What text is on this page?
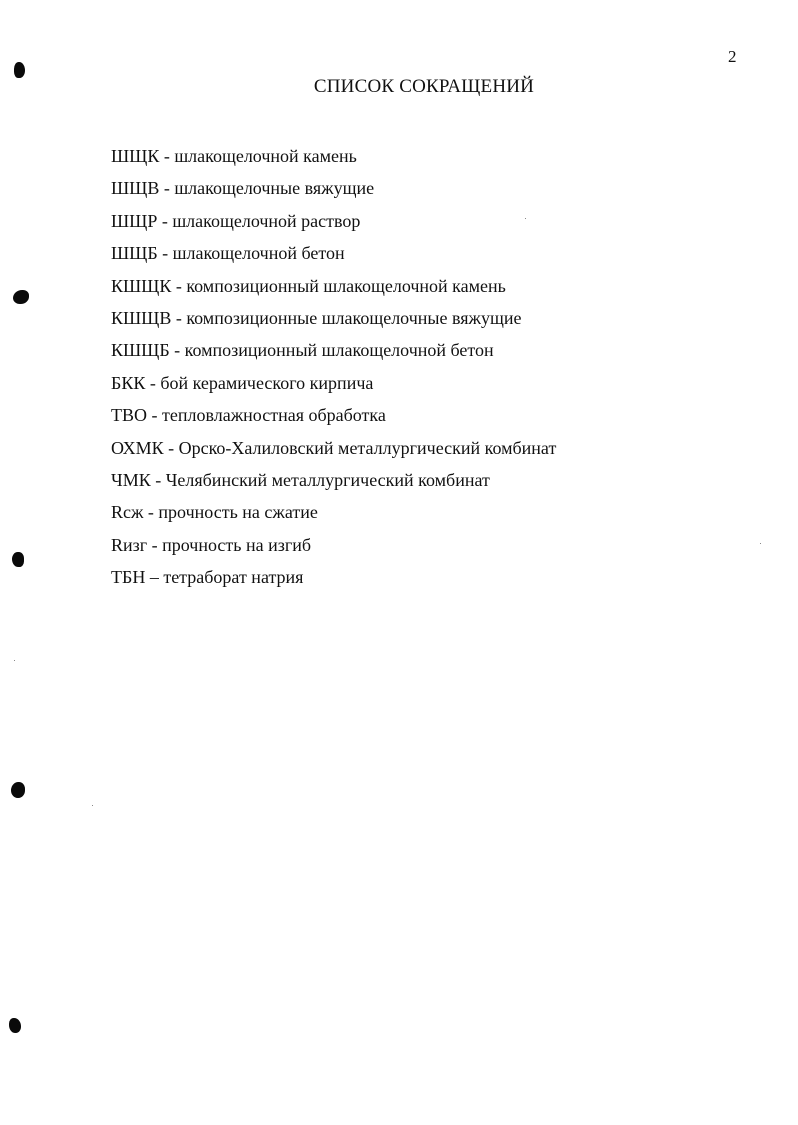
2
СПИСОК СОКРАЩЕНИЙ
ШЩК - шлакощелочной камень
ШЩВ - шлакощелочные вяжущие
ШЩР - шлакощелочной раствор
ШЩБ - шлакощелочной бетон
КШЩК - композиционный шлакощелочной камень
КШЩВ - композиционные шлакощелочные вяжущие
КШЩБ - композиционный шлакощелочной бетон
БКК - бой керамического кирпича
ТВО - тепловлажностная обработка
ОХМК - Орско-Халиловский металлургический комбинат
ЧМК - Челябинский металлургический комбинат
Rсж - прочность на сжатие
Rизг - прочность на изгиб
ТБН – тетраборат натрия
